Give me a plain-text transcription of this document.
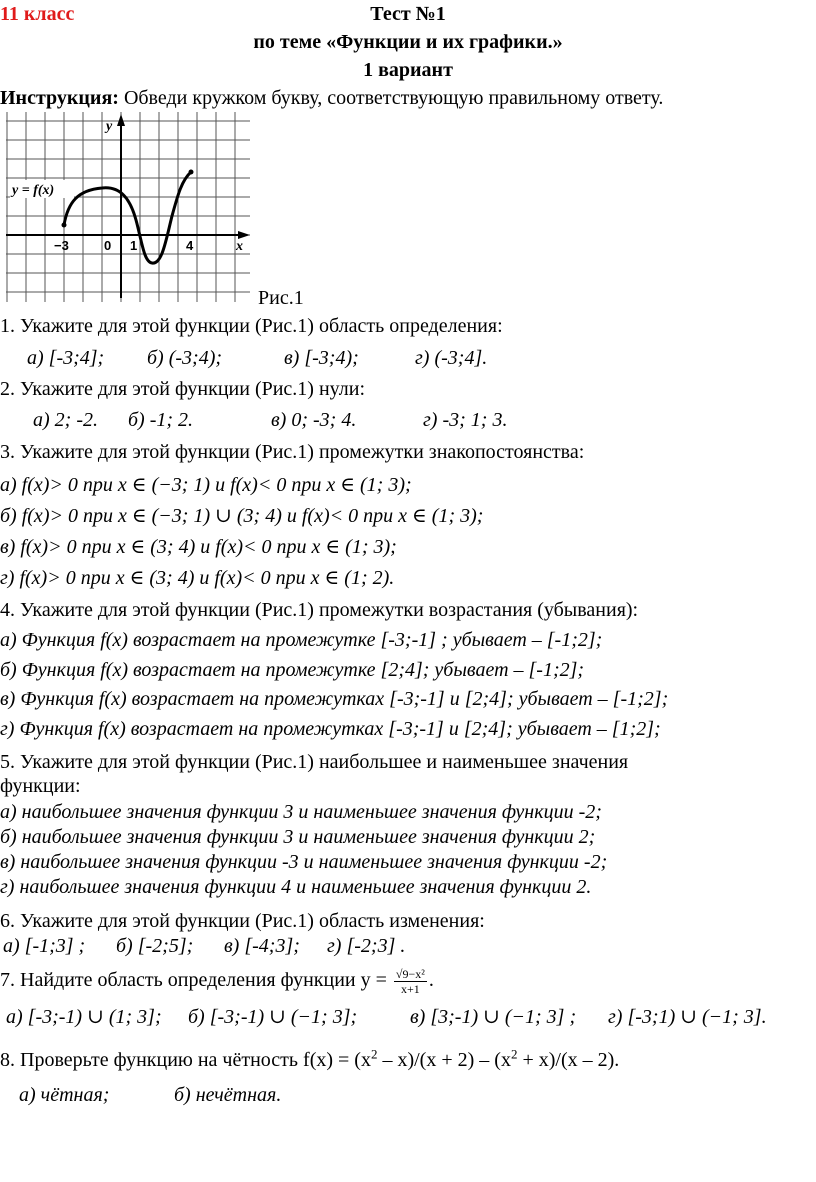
11 класс	Тест №1
по теме «Функции и их графики.»
1 вариант
Инструкция: Обведи кружком букву, соответствующую правильному ответу.
y = f(x)
y
x
−3	0 1	4
Рис.1
1. Укажите для этой функции (Рис.1) область определения:
а) [-3;4]; б) (-3;4);	в) [-3;4);	г) (-3;4].
2. Укажите для этой функции (Рис.1) нули:
а) 2; -2. б) -1; 2.	в) 0; -3; 4.	г) -3; 1; 3.
3. Укажите для этой функции (Рис.1) промежутки знакопостоянства:
а) f(x)> 0 при x ∈ (−3; 1) и f(x)< 0 при x ∈ (1; 3);
б) f(x)> 0 при x ∈ (−3; 1) ∪ (3; 4) и f(x)< 0 при x ∈ (1; 3);
в) f(x)> 0 при x ∈ (3; 4) и f(x)< 0 при x ∈ (1; 3);
г) f(x)> 0 при x ∈ (3; 4) и f(x)< 0 при x ∈ (1; 2).
4. Укажите для этой функции (Рис.1) промежутки возрастания (убывания):
а) Функция f(x) возрастает на промежутке [-3;-1] ; убывает – [-1;2];
б) Функция f(x) возрастает на промежутке [2;4]; убывает – [-1;2];
в) Функция f(x) возрастает на промежутках [-3;-1] и [2;4]; убывает – [-1;2];
г) Функция f(x) возрастает на промежутках [-3;-1] и [2;4]; убывает – [1;2];
5. Укажите для этой функции (Рис.1) наибольшее и наименьшее значения
функции:
а) наибольшее значения функции 3 и наименьшее значения функции -2;
б) наибольшее значения функции 3 и наименьшее значения функции 2;
в) наибольшее значения функции -3 и наименьшее значения функции -2;
г) наибольшее значения функции 4 и наименьшее значения функции 2.
6. Укажите для этой функции (Рис.1) область изменения:
а) [-1;3] ; б) [-2;5]; в) [-4;3]; г) [-2;3] .
7. Найдите область определения функции $y = \frac{\text{√9−x²}}{x+1}$ .
а) [-3;-1) ∪ (1; 3]; б) [-3;-1) ∪ (−1; 3];	в) [3;-1) ∪ (−1; 3] ; г) [-3;1) ∪ (−1; 3].
8. Проверьте функцию на чётность $f(x) = (x^2 - x)/(x + 2) - (x^2 + x)/(x - 2)$.
а) чётная;	б) нечётная.
